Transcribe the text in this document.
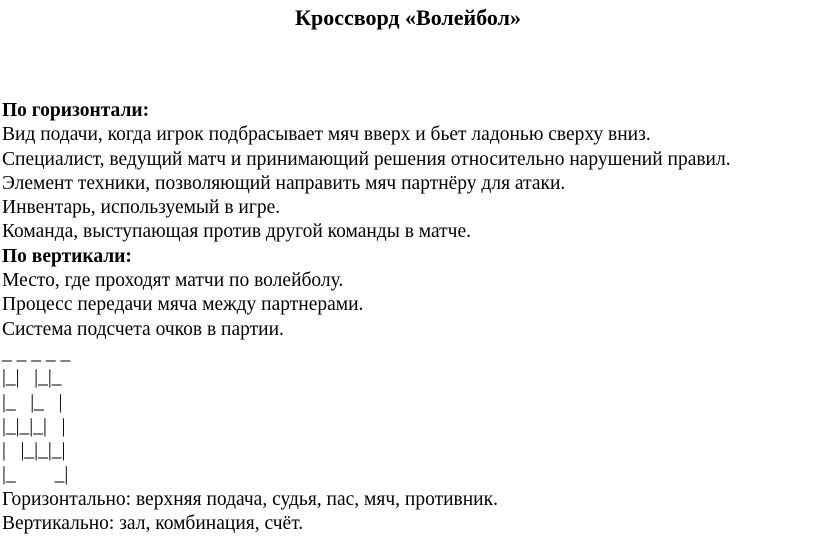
Кроссворд «Волейбол»
По горизонтали:
Вид подачи, когда игрок подбрасывает мяч вверх и бьет ладонью сверху вниз.
Специалист, ведущий матч и принимающий решения относительно нарушений правил.
Элемент техники, позволяющий направить мяч партнёру для атаки.
Инвентарь, используемый в игре.
Команда, выступающая против другой команды в матче.
По вертикали:
Место, где проходят матчи по волейболу.
Процесс передачи мяча между партнерами.
Система подсчета очков в партии.
_ _ _ _ _
|_|   |_|_
|_   |_   |
|_|_|_|   |
|   |_|_|_|
|_        _|
Горизонтально: верхняя подача, судья, пас, мяч, противник.
Вертикально: зал, комбинация, счёт.
